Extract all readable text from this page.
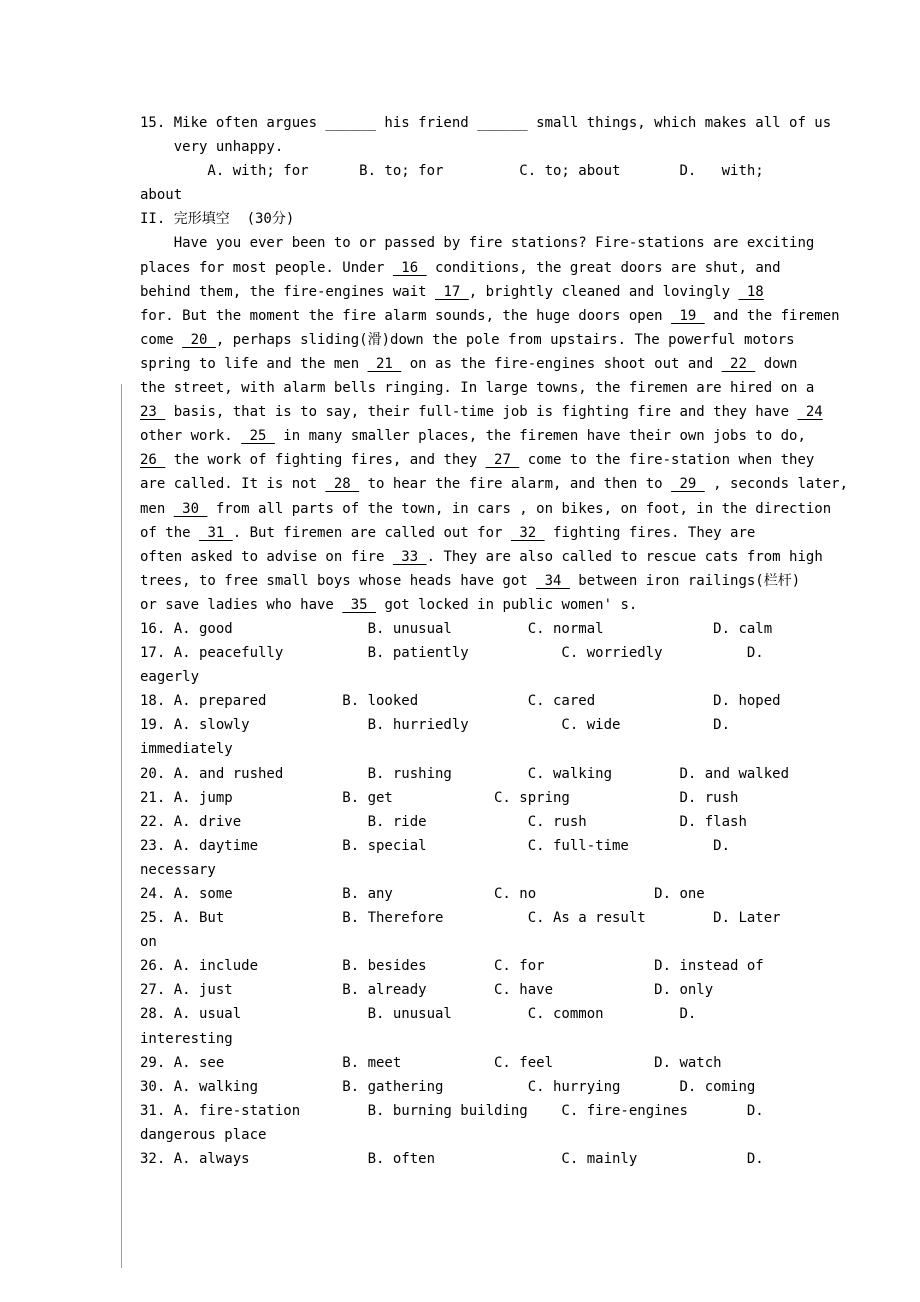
15. Mike often argues ______ his friend ______ small things, which makes all of us
very unhappy.
A. with; for      B. to; for         C. to; about       D.   with;
about
II. 完形填空  (30分)
Have you ever been to or passed by fire stations? Fire-stations are exciting
places for most people. Under  16  conditions, the great doors are shut, and
behind them, the fire-engines wait  17 , brightly cleaned and lovingly  18
for. But the moment the fire alarm sounds, the huge doors open  19  and the firemen
come  20 , perhaps sliding(滑)down the pole from upstairs. The powerful motors
spring to life and the men  21  on as the fire-engines shoot out and  22  down
the street, with alarm bells ringing. In large towns, the firemen are hired on a
23  basis, that is to say, their full-time job is fighting fire and they have  24
other work.  25  in many smaller places, the firemen have their own jobs to do,
26  the work of fighting fires, and they  27  come to the fire-station when they
are called. It is not  28  to hear the fire alarm, and then to  29  , seconds later,
men  30  from all parts of the town, in cars , on bikes, on foot, in the direction
of the  31 . But firemen are called out for  32  fighting fires. They are
often asked to advise on fire  33 . They are also called to rescue cats from high
trees, to free small boys whose heads have got  34  between iron railings(栏杆)
or save ladies who have  35  got locked in public women' s.
16. A. good                B. unusual         C. normal             D. calm
17. A. peacefully          B. patiently           C. worriedly          D.
eagerly
18. A. prepared         B. looked             C. cared              D. hoped
19. A. slowly              B. hurriedly           C. wide           D.
immediately
20. A. and rushed          B. rushing         C. walking        D. and walked
21. A. jump             B. get            C. spring             D. rush
22. A. drive               B. ride            C. rush           D. flash
23. A. daytime          B. special            C. full-time          D.
necessary
24. A. some             B. any            C. no              D. one
25. A. But              B. Therefore          C. As a result        D. Later
on
26. A. include          B. besides        C. for             D. instead of
27. A. just             B. already        C. have            D. only
28. A. usual               B. unusual         C. common         D.
interesting
29. A. see              B. meet           C. feel            D. watch
30. A. walking          B. gathering          C. hurrying       D. coming
31. A. fire-station        B. burning building    C. fire-engines       D.
dangerous place
32. A. always              B. often               C. mainly             D.
